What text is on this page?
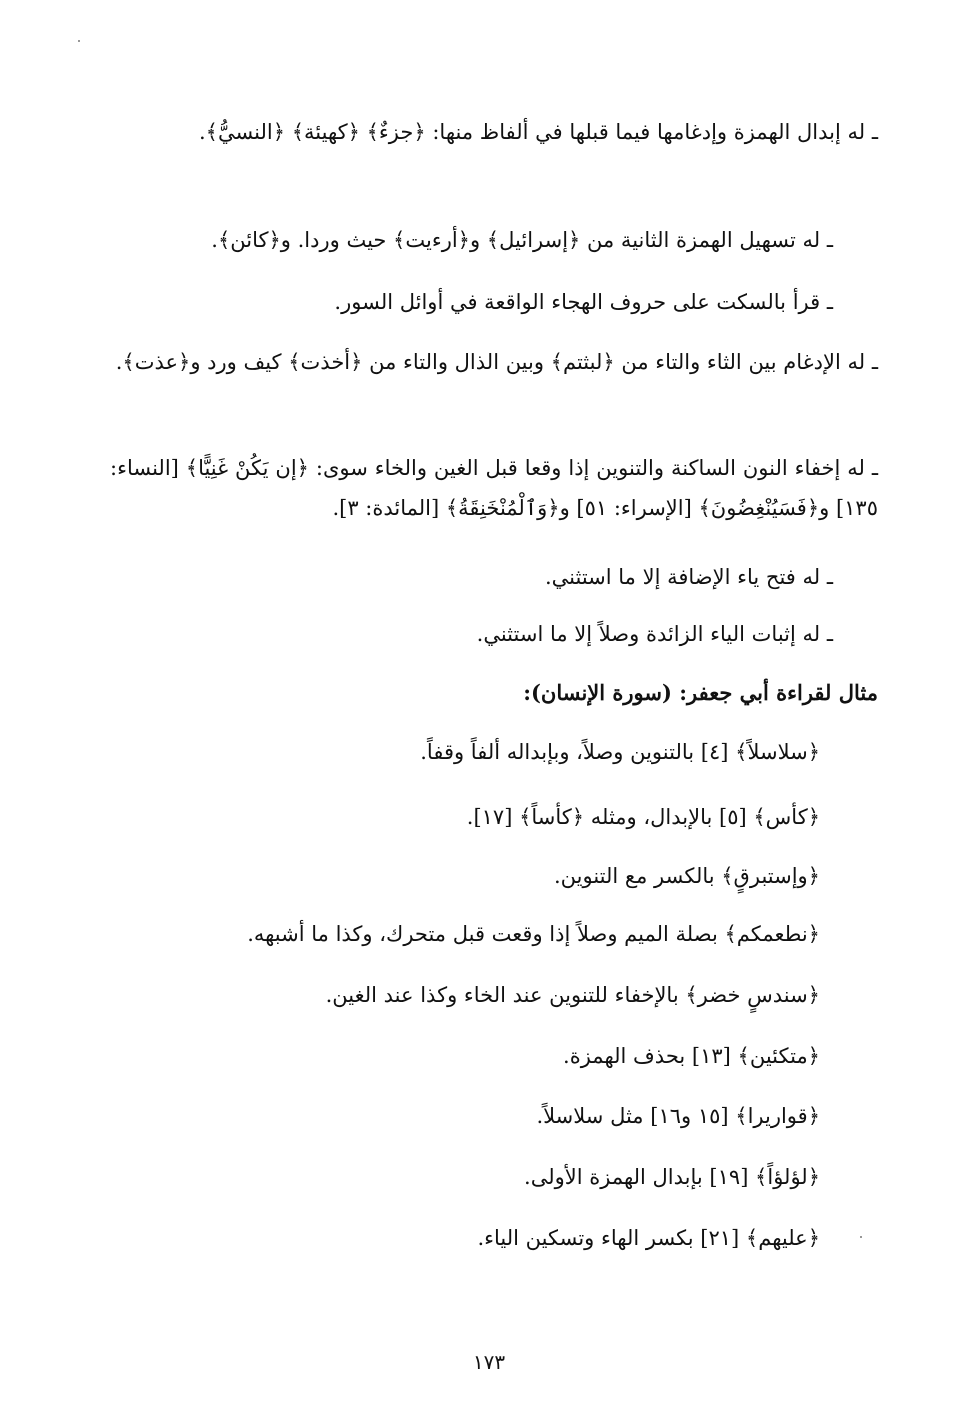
ـ له إبدال الهمزة وإدغامها فيما قبلها في ألفاظ منها: ﴿جزءٌ﴾ ﴿كهيئة﴾ ﴿النسيُّ﴾.
ـ له تسهيل الهمزة الثانية من ﴿إسرائيل﴾ و﴿أرءيت﴾ حيث وردا. و﴿كائن﴾.
ـ قرأ بالسكت على حروف الهجاء الواقعة في أوائل السور.
ـ له الإدغام بين الثاء والتاء من ﴿لبثتم﴾ وبين الذال والتاء من ﴿أخذت﴾ كيف ورد و﴿عذت﴾.
ـ له إخفاء النون الساكنة والتنوين إذا وقعا قبل الغين والخاء سوى: ﴿إن يَكُنْ غَنِيًّا﴾ [النساء: ١٣٥] و﴿فَسَيُنْغِضُونَ﴾ [الإسراء: ٥١] و﴿وَٱلْمُنْخَنِقَةُ﴾ [المائدة: ٣].
ـ له فتح ياء الإضافة إلا ما استثني.
ـ له إثبات الياء الزائدة وصلاً إلا ما استثني.
مثال لقراءة أبي جعفر: (سورة الإنسان):
﴿سلاسلاً﴾ [٤] بالتنوين وصلاً، وبإبداله ألفاً وقفاً.
﴿كأس﴾ [٥] بالإبدال، ومثله ﴿كأساً﴾ [١٧].
﴿وإستبرقٍ﴾ بالكسر مع التنوين.
﴿نطعمكم﴾ بصلة الميم وصلاً إذا وقعت قبل متحرك، وكذا ما أشبهه.
﴿سندسٍ خضر﴾ بالإخفاء للتنوين عند الخاء وكذا عند الغين.
﴿متكئين﴾ [١٣] بحذف الهمزة.
﴿قواريرا﴾ [١٥ و١٦] مثل سلاسلاً.
﴿لؤلؤاً﴾ [١٩] بإبدال الهمزة الأولى.
﴿عليهم﴾ [٢١] بكسر الهاء وتسكين الياء.
١٧٣
